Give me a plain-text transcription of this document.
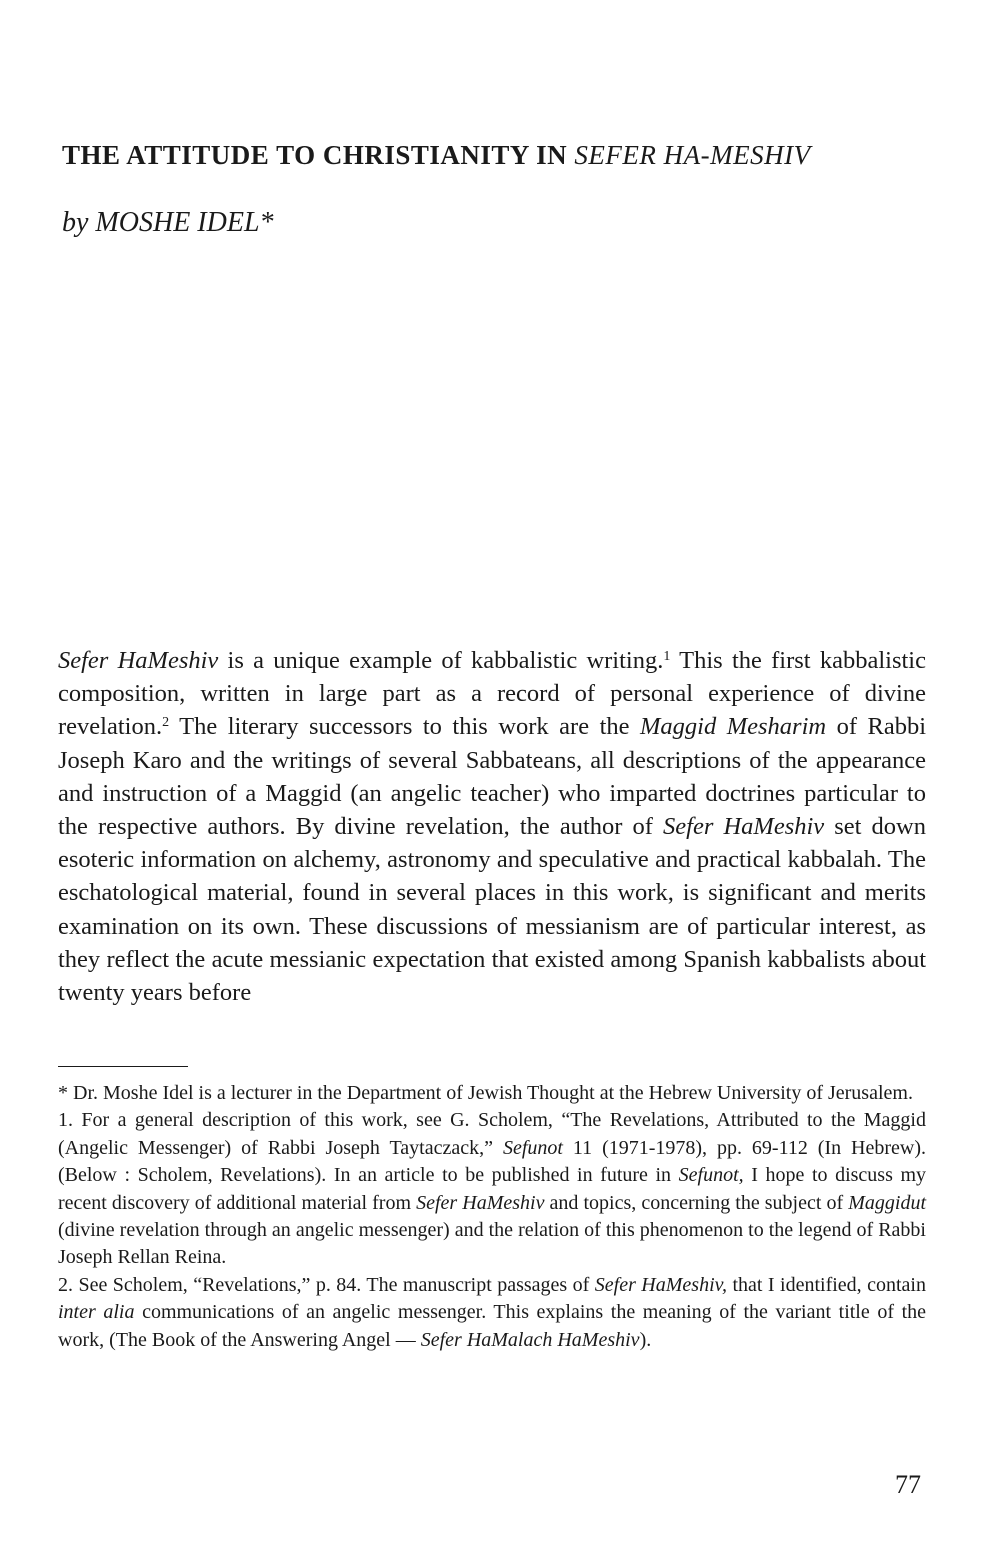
THE ATTITUDE TO CHRISTIANITY IN SEFER HA-MESHIV
by MOSHE IDEL*

Sefer HaMeshiv is a unique example of kabbalistic writing.$^1$ This the first kabbalistic composition, written in large part as a record of personal experience of divine revelation.$^2$ The literary successors to this work are the Maggid Mesharim of Rabbi Joseph Karo and the writings of several Sabbateans, all descriptions of the appearance and instruction of a Maggid (an angelic teacher) who imparted doctrines particular to the respective authors. By divine revelation, the author of Sefer HaMeshiv set down esoteric information on alchemy, astronomy and speculative and practical kabbalah. The eschatological material, found in several places in this work, is significant and merits examination on its own. These discussions of messianism are of particular interest, as they reflect the acute messianic expectation that existed among Spanish kabbalists about twenty years before

* Dr. Moshe Idel is a lecturer in the Department of Jewish Thought at the Hebrew University of Jerusalem.

1. For a general description of this work, see G. Scholem, “The Revelations, Attributed to the Maggid (Angelic Messenger) of Rabbi Joseph Taytaczack,” Sefunot 11 (1971-1978), pp. 69-112 (In Hebrew). (Below : Scholem, Revelations). In an article to be published in future in Sefunot, I hope to discuss my recent discovery of additional material from Sefer HaMeshiv and topics, concerning the subject of Maggidut (divine revelation through an angelic messenger) and the relation of this phenomenon to the legend of Rabbi Joseph Rellan Reina.

2. See Scholem, “Revelations,” p. 84. The manuscript passages of Sefer HaMeshiv, that I identified, contain inter alia communications of an angelic messenger. This explains the meaning of the variant title of the work, (The Book of the Answering Angel — Sefer HaMalach HaMeshiv).

77
